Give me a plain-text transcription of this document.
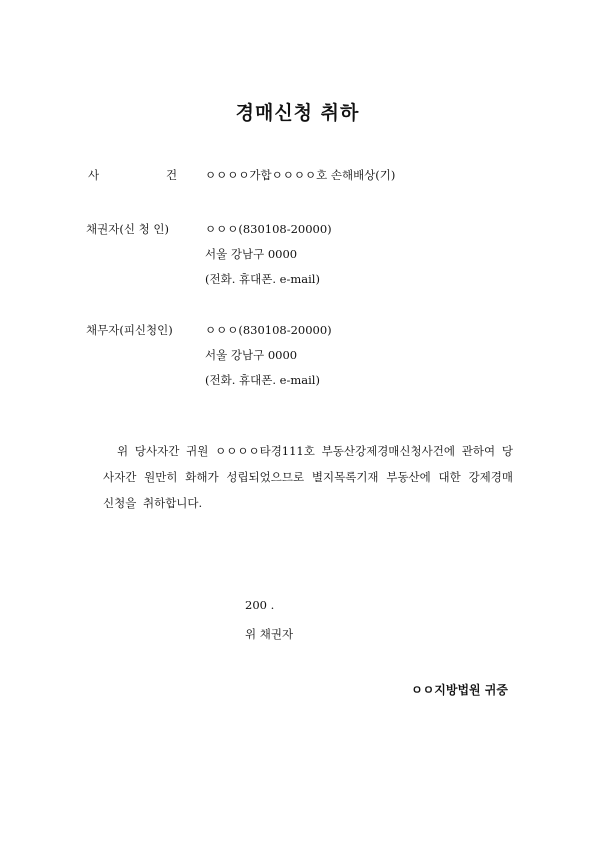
경매신청 취하
사	건 ㅇㅇㅇㅇ가합ㅇㅇㅇㅇ호 손해배상(기)
채권자(신 청 인)	ㅇㅇㅇ(830108-20000)
서울 강남구 0000
(전화. 휴대폰. e-mail)
채무자(피신청인)	ㅇㅇㅇ(830108-20000)
서울 강남구 0000
(전화. 휴대폰. e-mail)
위 당사자간 귀원 ㅇㅇㅇㅇ타경111호 부동산강제경매신청사건에 관하여 당사자간 원만히 화해가 성립되었으므로 별지목록기재 부동산에 대한 강제경매신청을 취하합니다.
200 .
위 채권자
ㅇㅇ지방법원 귀중
